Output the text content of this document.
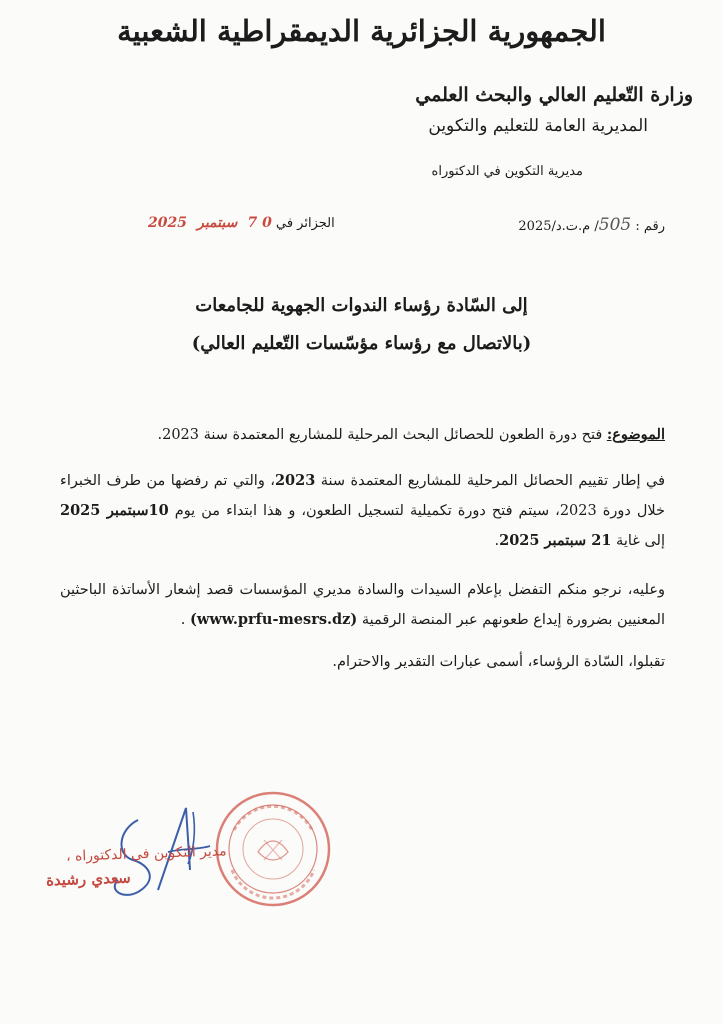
الجمهورية الجزائرية الديمقراطية الشعبية

وزارة التّعليم العالي والبحث العلمي

المديرية العامة للتعليم والتكوين

مديرية التكوين في الدكتوراه

رقم : 505/ م.ت.د/2025

الجزائر في 0 7 سبتمبر 2025

إلى السّادة رؤساء الندوات الجهوية للجامعات

(بالاتصال مع رؤساء مؤسّسات التّعليم العالي)

الموضوع: فتح دورة الطعون للحصائل البحث المرحلية للمشاريع المعتمدة سنة 2023.

في إطار تقييم الحصائل المرحلية للمشاريع المعتمدة سنة 2023، والتي تم رفضها من طرف الخبراء خلال دورة 2023، سيتم فتح دورة تكميلية لتسجيل الطعون، و هذا ابتداء من يوم 10سبتمبر 2025 إلى غاية 21 سبتمبر 2025.

وعليه، نرجو منكم التفضل بإعلام السيدات والسادة مديري المؤسسات قصد إشعار الأساتذة الباحثين المعنيين بضرورة إيداع طعونهم عبر المنصة الرقمية (www.prfu-mesrs.dz) .

تقبلوا، السّادة الرؤساء، أسمى عبارات التقدير والاحترام.

مدير التكوين في الدكتوراه ،

سعدي رشيدة
